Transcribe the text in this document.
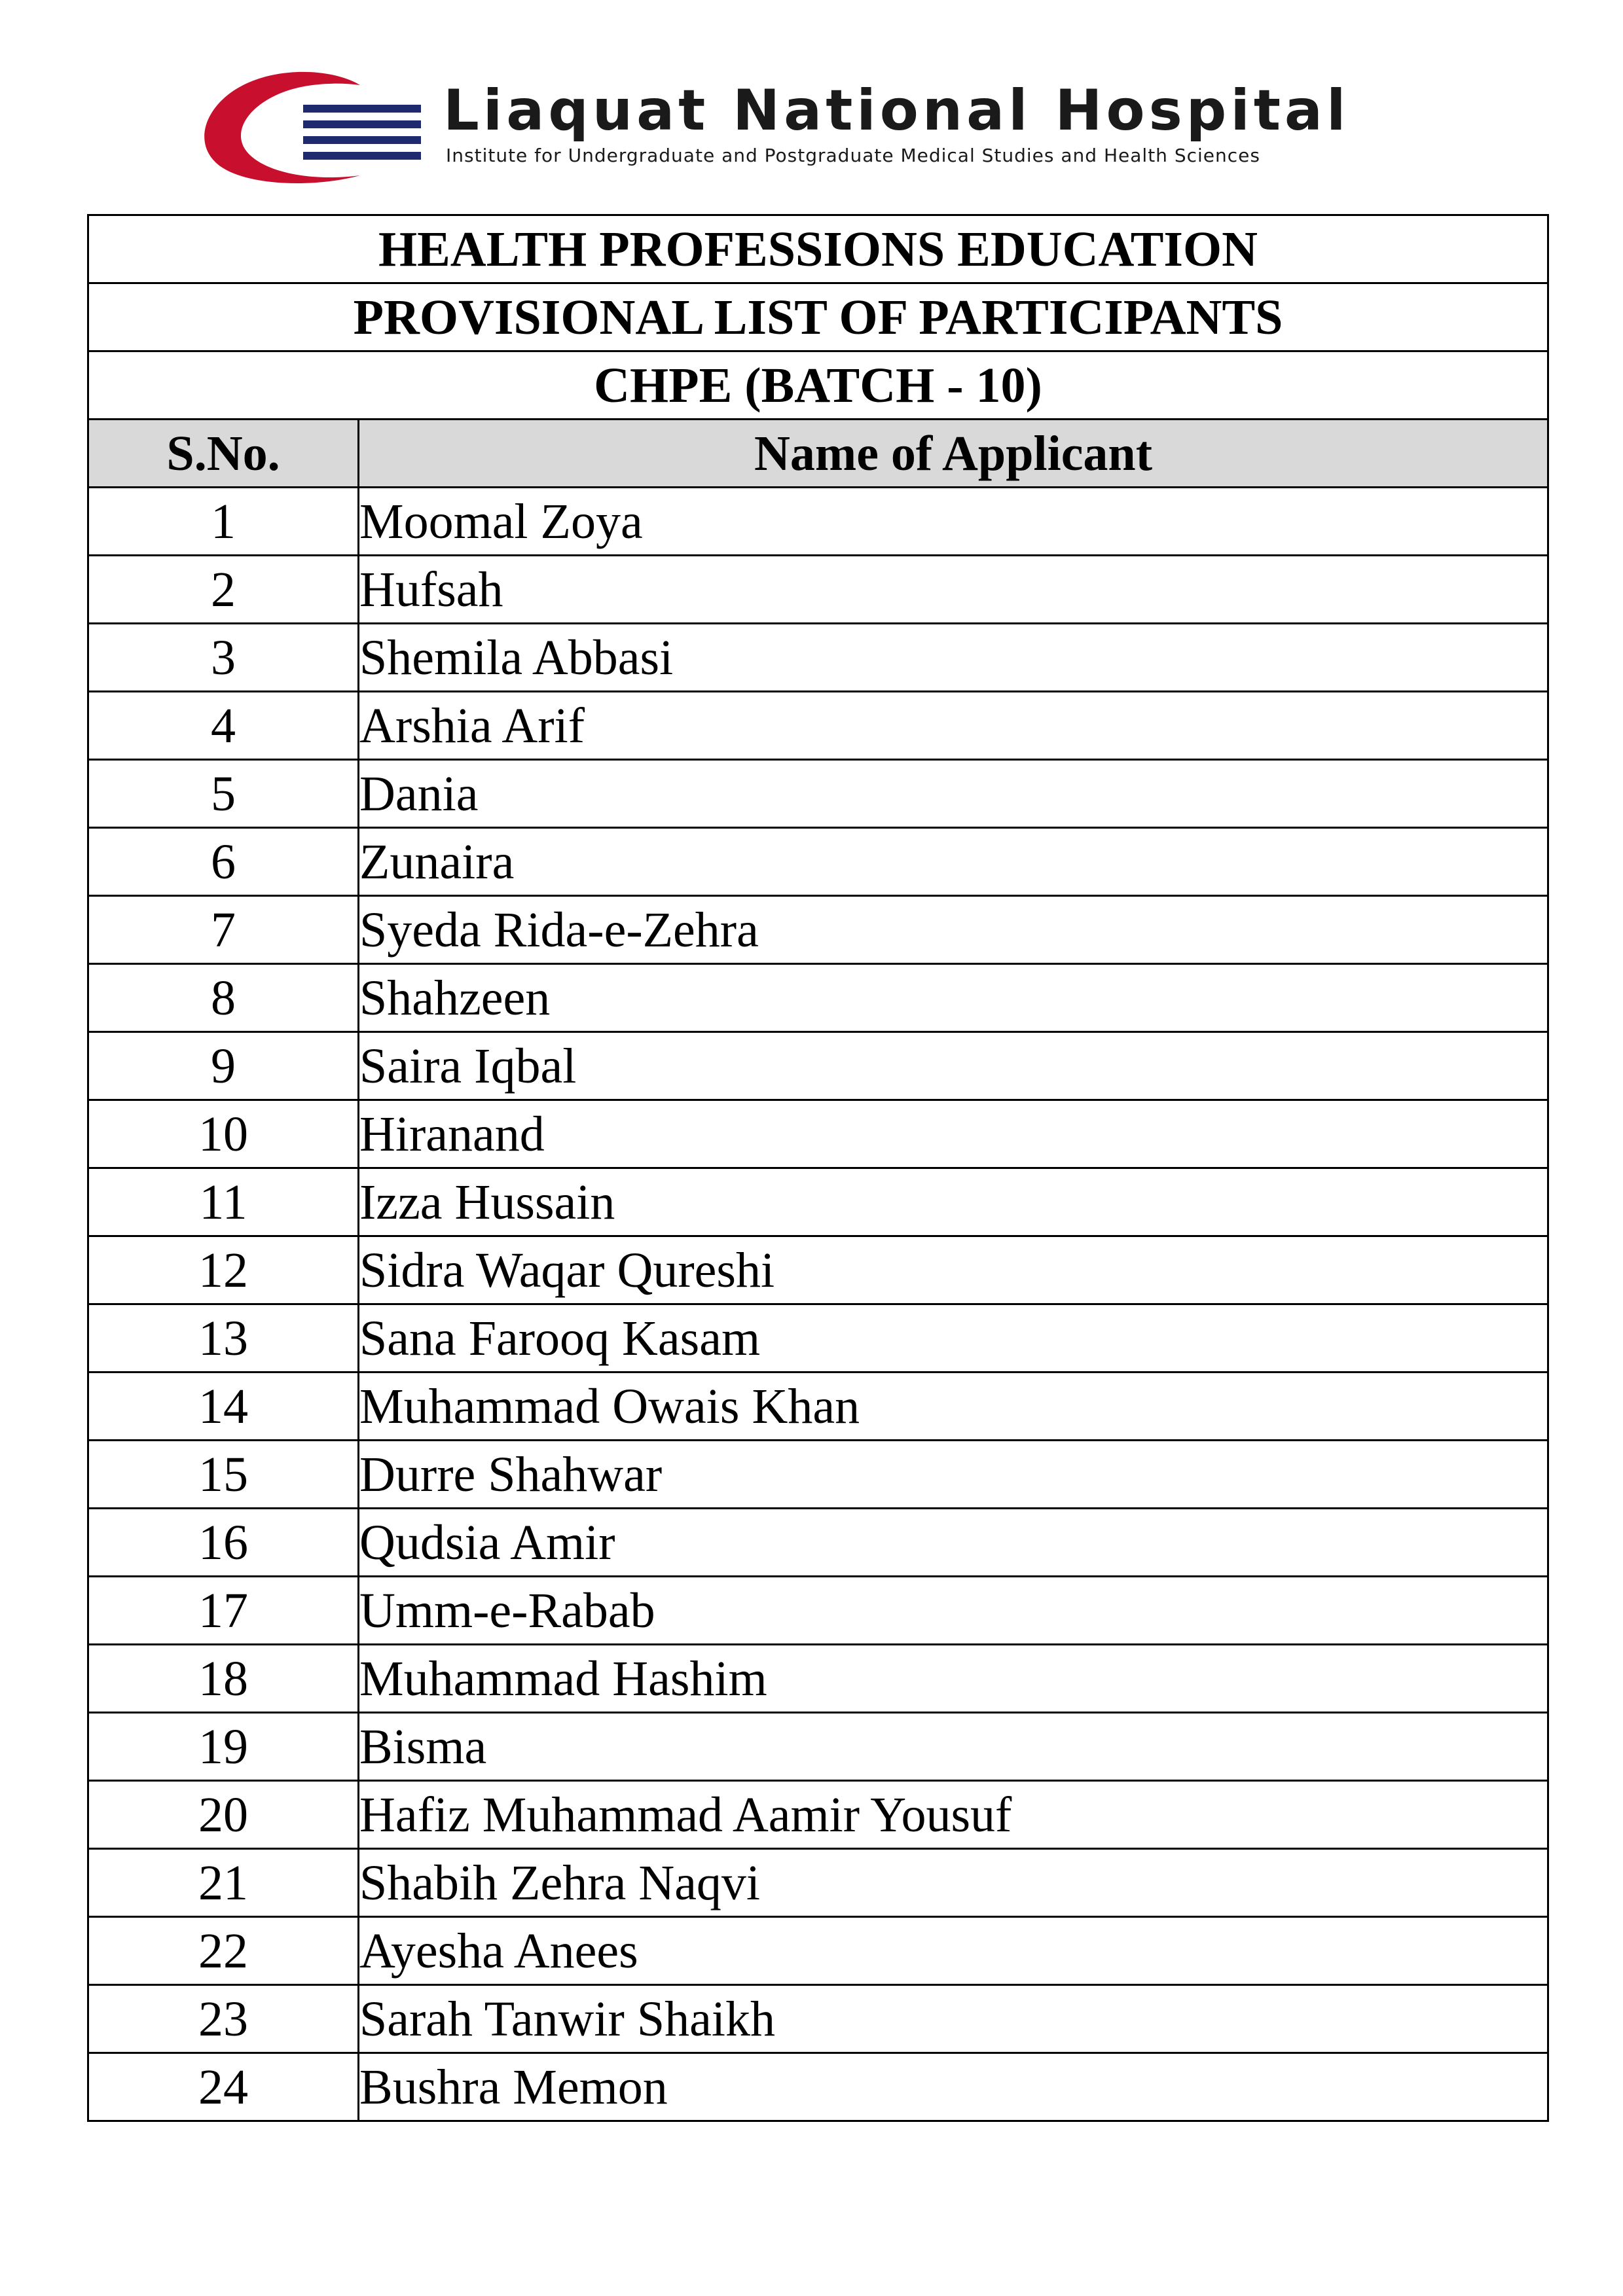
Liaquat National Hospital
Institute for Undergraduate and Postgraduate Medical Studies and Health Sciences
HEALTH PROFESSIONS EDUCATION	
PROVISIONAL LIST OF PARTICIPANTS	
CHPE (BATCH - 10)	
S.No.	Name of Applicant
1	Moomal Zoya
2	Hufsah
3	Shemila Abbasi
4	Arshia Arif
5	Dania
6	Zunaira
7	Syeda Rida-e-Zehra
8	Shahzeen
9	Saira Iqbal
10	Hiranand
11	Izza Hussain
12	Sidra Waqar Qureshi
13	Sana Farooq Kasam
14	Muhammad Owais Khan
15	Durre Shahwar
16	Qudsia Amir
17	Umm-e-Rabab
18	Muhammad Hashim
19	Bisma
20	Hafiz Muhammad Aamir Yousuf
21	Shabih Zehra Naqvi
22	Ayesha Anees
23	Sarah Tanwir Shaikh
24	Bushra Memon
